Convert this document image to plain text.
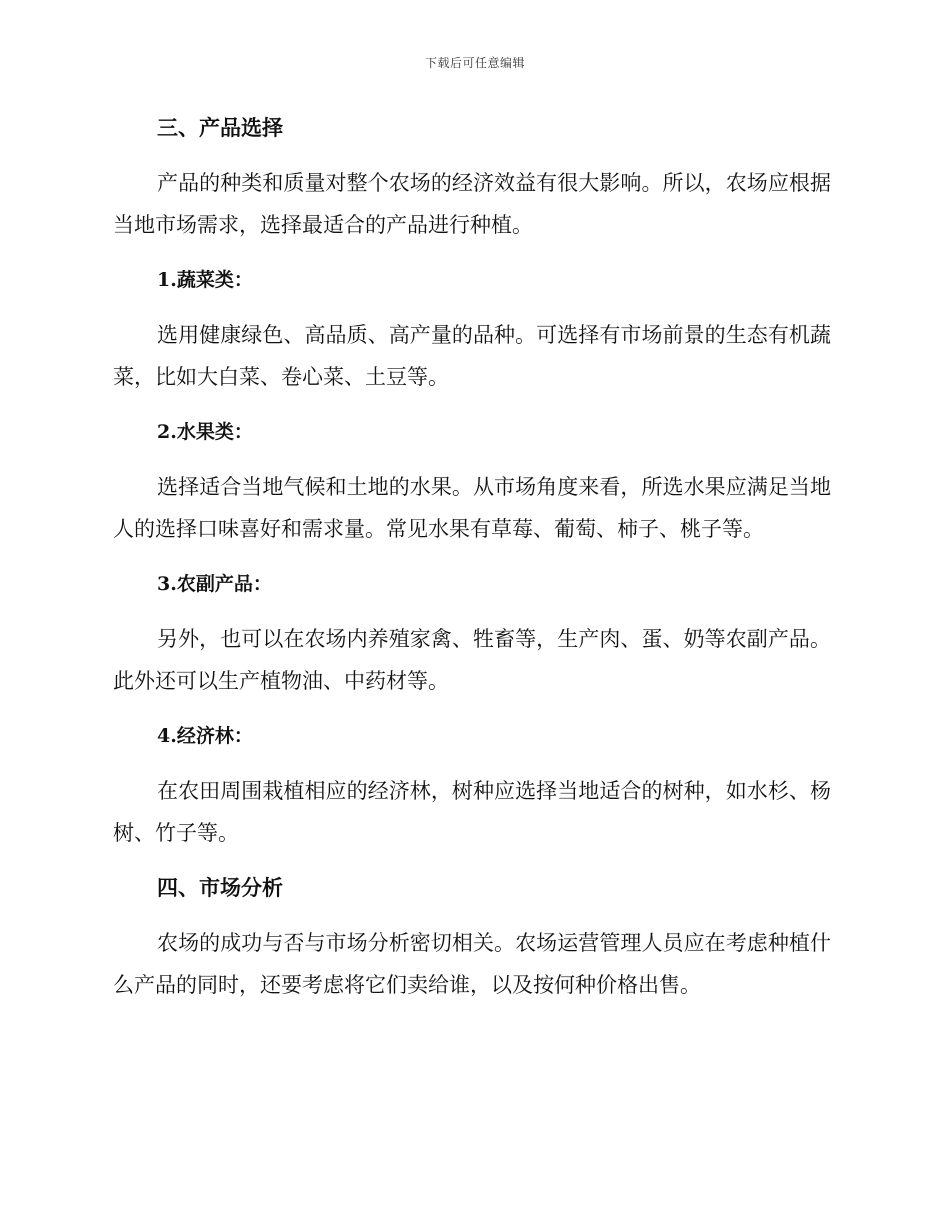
下载后可任意编辑
三、产品选择

产品的种类和质量对整个农场的经济效益有很大影响。所以，农场应根据当地市场需求，选择最适合的产品进行种植。

1.蔬菜类：

选用健康绿色、高品质、高产量的品种。可选择有市场前景的生态有机蔬菜，比如大白菜、卷心菜、土豆等。

2.水果类：

选择适合当地气候和土地的水果。从市场角度来看，所选水果应满足当地人的选择口味喜好和需求量。常见水果有草莓、葡萄、柿子、桃子等。

3.农副产品：

另外，也可以在农场内养殖家禽、牲畜等，生产肉、蛋、奶等农副产品。此外还可以生产植物油、中药材等。

4.经济林：

在农田周围栽植相应的经济林，树种应选择当地适合的树种，如水杉、杨树、竹子等。

四、市场分析

农场的成功与否与市场分析密切相关。农场运营管理人员应在考虑种植什么产品的同时，还要考虑将它们卖给谁，以及按何种价格出售。
